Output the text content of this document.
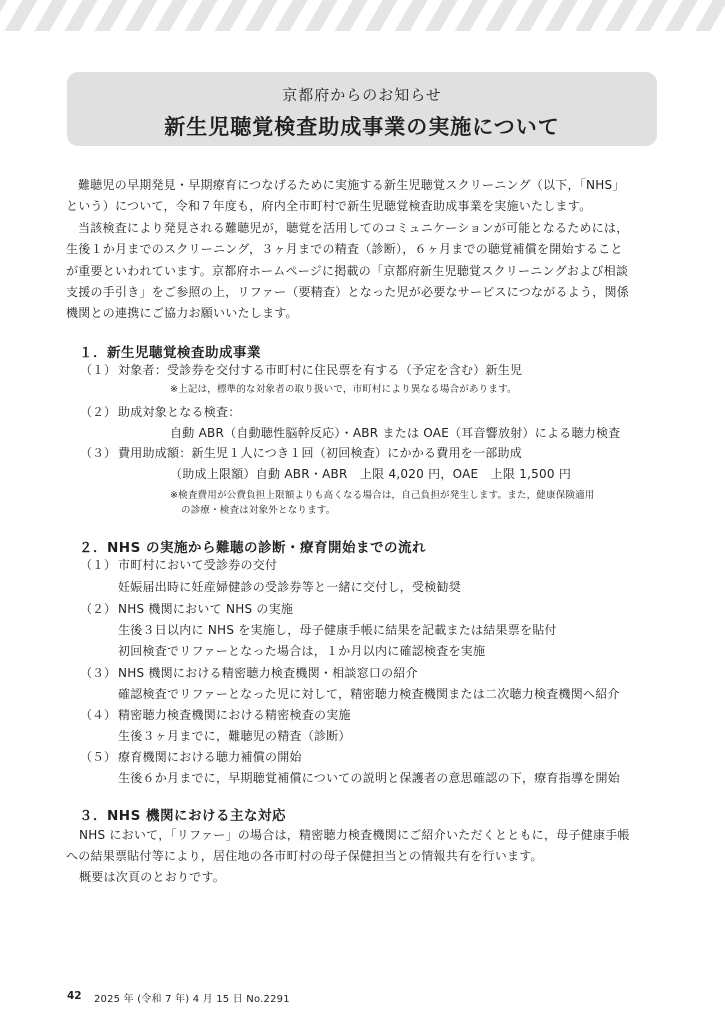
京都府からのお知らせ
新生児聴覚検査助成事業の実施について

難聴児の早期発見・早期療育につなげるために実施する新生児聴覚スクリーニング（以下，「NHS」
という）について，令和７年度も，府内全市町村で新生児聴覚検査助成事業を実施いたします。

当該検査により発見される難聴児が，聴覚を活用してのコミュニケーションが可能となるためには，
生後１か月までのスクリーニング，３ヶ月までの精査（診断），６ヶ月までの聴覚補償を開始すること
が重要といわれています。京都府ホームページに掲載の「京都府新生児聴覚スクリーニングおよび相談
支援の手引き」をご参照の上，リファー（要精査）となった児が必要なサービスにつながるよう，関係
機関との連携にご協力お願いいたします。

１．新生児聴覚検査助成事業
（１） 対象者：受診券を交付する市町村に住民票を有する（予定を含む）新生児
※上記は，標準的な対象者の取り扱いで，市町村により異なる場合があります。
（２） 助成対象となる検査：
自動 ABR（自動聴性脳幹反応）・ABR または OAE（耳音響放射）による聴力検査
（３） 費用助成額：新生児１人につき１回（初回検査）にかかる費用を一部助成
（助成上限額）自動 ABR・ABR　上限 4,020 円，OAE　上限 1,500 円
※検査費用が公費負担上限額よりも高くなる場合は，自己負担が発生します。また，健康保険適用
の診療・検査は対象外となります。
２．NHS の実施から難聴の診断・療育開始までの流れ
（１） 市町村において受診券の交付
妊娠届出時に妊産婦健診の受診券等と一緒に交付し，受検勧奨
（２） NHS 機関において NHS の実施
生後３日以内に NHS を実施し，母子健康手帳に結果を記載または結果票を貼付
初回検査でリファーとなった場合は，１か月以内に確認検査を実施
（３） NHS 機関における精密聴力検査機関・相談窓口の紹介
確認検査でリファーとなった児に対して，精密聴力検査機関または二次聴力検査機関へ紹介
（４） 精密聴力検査機関における精密検査の実施
生後３ヶ月までに，難聴児の精査（診断）
（５） 療育機関における聴力補償の開始
生後６か月までに，早期聴覚補償についての説明と保護者の意思確認の下，療育指導を開始
３．NHS 機関における主な対応
NHS において，「リファー」の場合は，精密聴力検査機関にご紹介いただくとともに，母子健康手帳
への結果票貼付等により，居住地の各市町村の母子保健担当との情報共有を行います。
概要は次頁のとおりです。
42 2025 年 (令和 7 年) 4 月 15 日 No.2291
